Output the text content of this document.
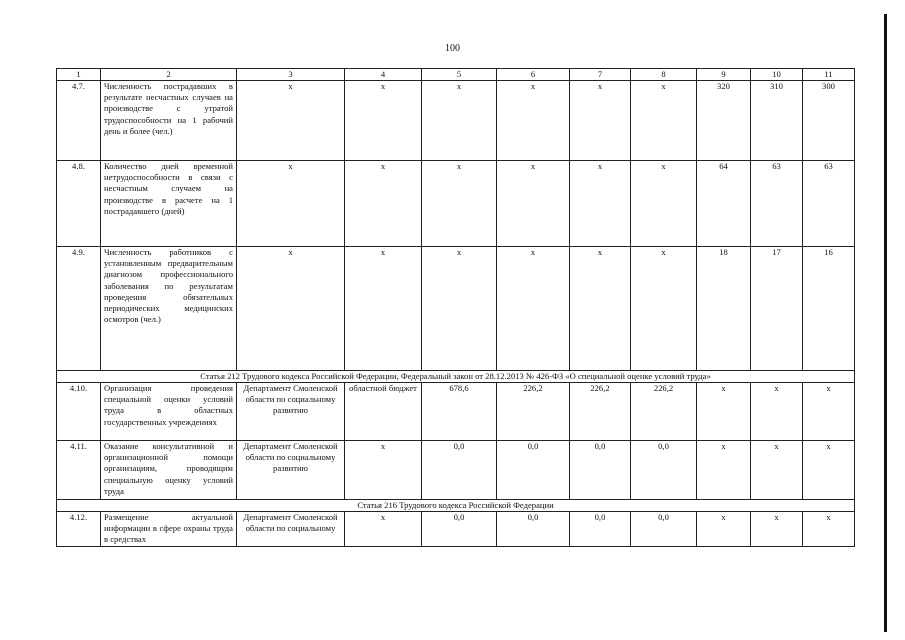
100
1	2	3	4	5	6	7	8	9	10	11
4.7.	Численность пострадавших в результате несчастных случаев на производстве с утратой трудоспособности на 1 рабочий день и более (чел.)	x	x	x	x	x	x	320	310	300
4.8.	Количество дней временной нетрудоспособности в связи с несчастным случаем на производстве в расчете на 1 пострадавшего (дней)	x	x	x	x	x	x	64	63	63
4.9.	Численность работников с установленным предварительным диагнозом профессионального заболевания по результатам проведения обязательных периодических медицинских осмотров (чел.)	x	x	x	x	x	x	18	17	16
Статья 212 Трудового кодекса Российской Федерации, Федеральный закон от 28.12.2013 № 426-ФЗ «О специальной оценке условий труда»										
4.10.	Организация проведения специальной оценки условий труда в областных государственных учреждениях	Департамент Смоленской области по социальному развитию	областной бюджет	678,6	226,2	226,2	226,2	x	x	x
4.11.	Оказание консультативной и организационной помощи организациям, проводящим специальную оценку условий труда	Департамент Смоленской области по социальному развитию	x	0,0	0,0	0,0	0,0	x	x	x
Статья 216 Трудового кодекса Российской Федерации										
4.12.	Размещение актуальной информации в сфере охраны труда в средствах	Департамент Смоленской области по социальному	x	0,0	0,0	0,0	0,0	x	x	x
